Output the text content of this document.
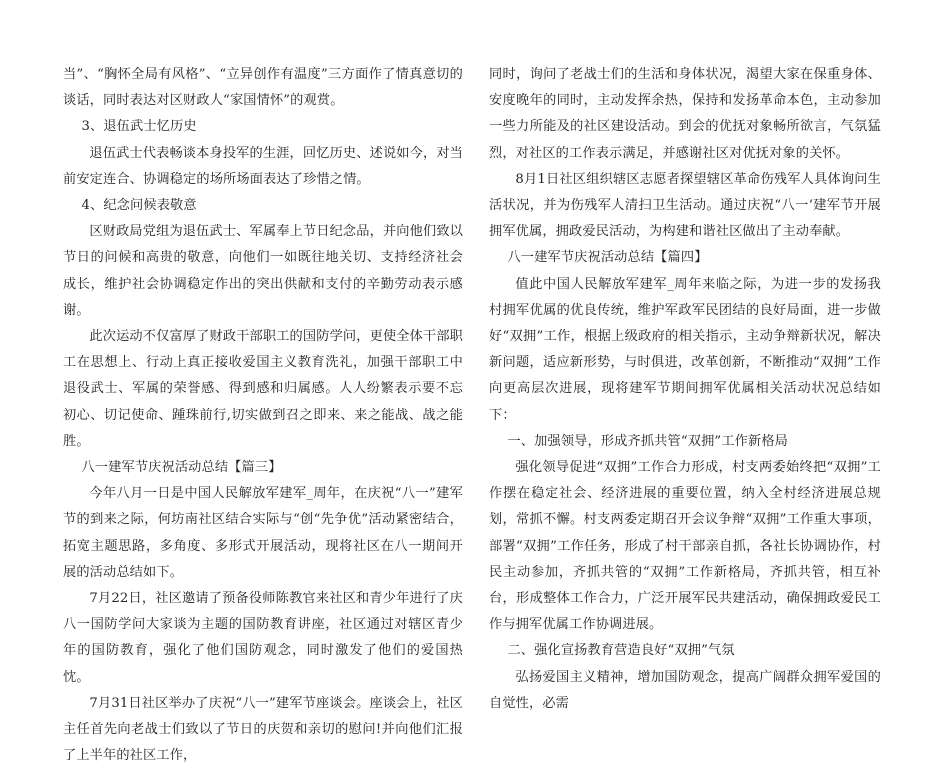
当”、“胸怀全局有风格”、“立异创作有温度”三方面作了情真意切的谈话，同时表达对区财政人“家国情怀”的观赏。

3、退伍武士忆历史

退伍武士代表畅谈本身投军的生涯，回忆历史、述说如今，对当前安定连合、协调稳定的场所场面表达了珍惜之情。

4、纪念问候表敬意

区财政局党组为退伍武士、军属奉上节日纪念品，并向他们致以节日的问候和高贵的敬意，向他们一如既往地关切、支持经济社会成长，维护社会协调稳定作出的突出供献和支付的辛勤劳动表示感谢。

此次运动不仅富厚了财政干部职工的国防学问，更使全体干部职工在思想上、行动上真正接收爱国主义教育洗礼，加强干部职工中退役武士、军属的荣誉感、得到感和归属感。人人纷繁表示要不忘初心、切记使命、踵珠前行,切实做到召之即来、来之能战、战之能胜。

八一建军节庆祝活动总结【篇三】

今年八月一日是中国人民解放军建军_周年，在庆祝“八一”建军节的到来之际，何坊南社区结合实际与“创“先争优”活动紧密结合，拓宽主题思路，多角度、多形式开展活动，现将社区在八一期间开展的活动总结如下。

7月22日，社区邀请了预备役师陈教官来社区和青少年进行了庆八一国防学问大家谈为主题的国防教育讲座，社区通过对辖区青少年的国防教育，强化了他们国防观念，同时激发了他们的爱国热忱。

7月31日社区举办了庆祝“八一”建军节座谈会。座谈会上，社区主任首先向老战士们致以了节日的庆贺和亲切的慰问!并向他们汇报了上半年的社区工作，

同时，询问了老战士们的生活和身体状况，渴望大家在保重身体、安度晚年的同时，主动发挥余热，保持和发扬革命本色，主动参加一些力所能及的社区建设活动。到会的优抚对象畅所欲言，气氛猛烈，对社区的工作表示满足，并感谢社区对优抚对象的关怀。

8月1日社区组织辖区志愿者探望辖区革命伤残军人具体询问生活状况，并为伤残军人清扫卫生活动。通过庆祝“八一‘建军节开展拥军优属，拥政爱民活动，为构建和谐社区做出了主动奉献。

八一建军节庆祝活动总结【篇四】

值此中国人民解放军建军_周年来临之际，为进一步的发扬我村拥军优属的优良传统，维护军政军民团结的良好局面，进一步做好“双拥”工作，根据上级政府的相关指示，主动争辩新状况，解决新问题，适应新形势，与时俱进，改革创新，不断推动“双拥”工作向更高层次进展，现将建军节期间拥军优属相关活动状况总结如下：

一、加强领导，形成齐抓共管“双拥”工作新格局

强化领导促进“双拥”工作合力形成，村支两委始终把“双拥”工作摆在稳定社会、经济进展的重要位置，纳入全村经济进展总规划，常抓不懈。村支两委定期召开会议争辩“双拥”工作重大事项，部署“双拥”工作任务，形成了村干部亲自抓，各社长协调协作，村民主动参加，齐抓共管的“双拥”工作新格局，齐抓共管，相互补台，形成整体工作合力，广泛开展军民共建活动，确保拥政爱民工作与拥军优属工作协调进展。

二、强化宣扬教育营造良好“双拥”气氛

弘扬爱国主义精神，增加国防观念，提高广阔群众拥军爱国的自觉性，必需
